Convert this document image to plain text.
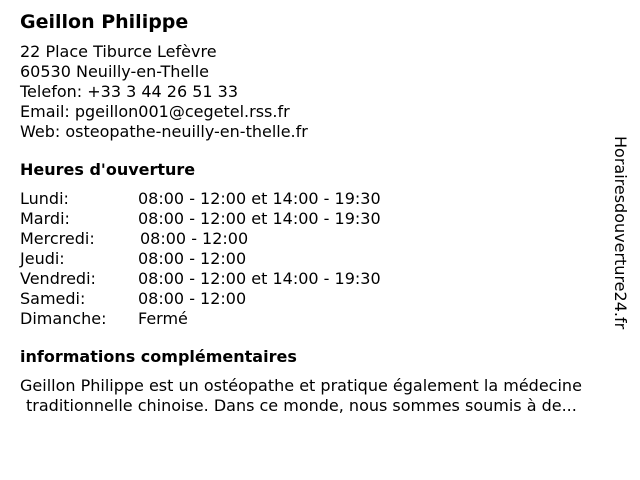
Geillon Philippe
22 Place Tiburce Lefèvre
60530 Neuilly-en-Thelle
Telefon: +33 3 44 26 51 33
Email: pgeillon001@cegetel.rss.fr
Web: osteopathe-neuilly-en-thelle.fr
Heures d'ouverture
Lundi:	08:00 - 12:00 et 14:00 - 19:30
Mardi:	08:00 - 12:00 et 14:00 - 19:30
Mercredi:	08:00 - 12:00
Jeudi:	08:00 - 12:00
Vendredi:	08:00 - 12:00 et 14:00 - 19:30
Samedi:	08:00 - 12:00
Dimanche: Fermé
informations complémentaires
Geillon Philippe est un ostéopathe et pratique également la médecine
traditionnelle chinoise. Dans ce monde, nous sommes soumis à de...
Horairesdouverture24.fr
